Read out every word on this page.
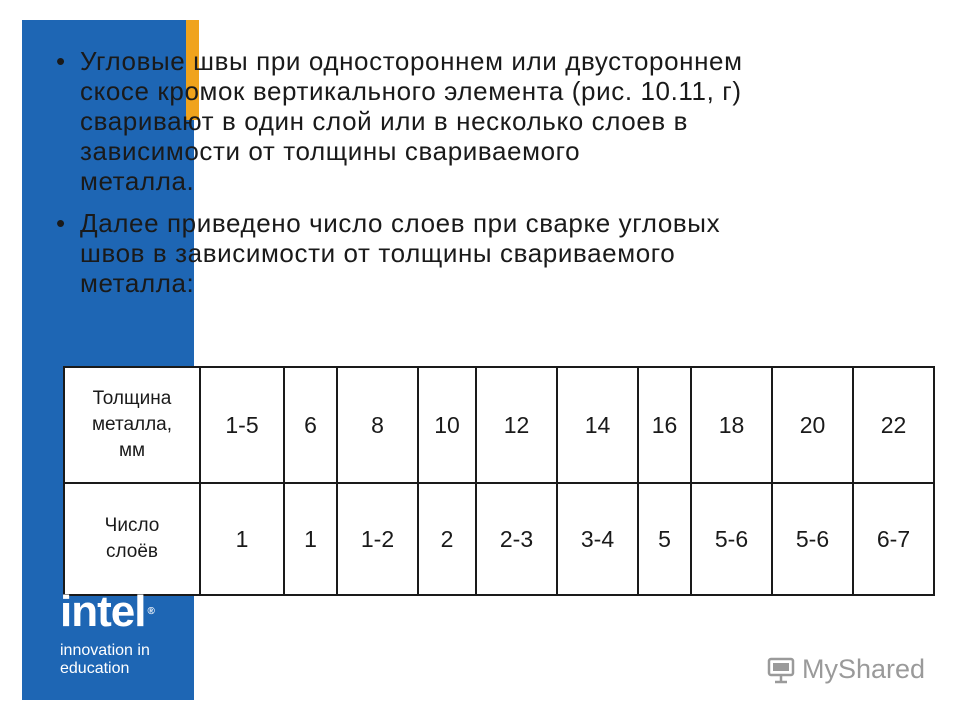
• Угловые швы при одностороннем или двустороннем
скосе кромок вертикального элемента (рис. 10.11, г)
сваривают в один слой или в несколько слоев в
зависимости от толщины свариваемого
металла.
• Далее приведено число слоев при сварке угловых
швов в зависимости от толщины свариваемого
металла:
Толщина
металла,
мм	1-5	6	8	10	12	14	16	18	20	22

Число
слоёв	1	1	1-2	2	2-3	3-4	5	5-6	5-6	6-7
intel ®
innovation in
education	MyShared
